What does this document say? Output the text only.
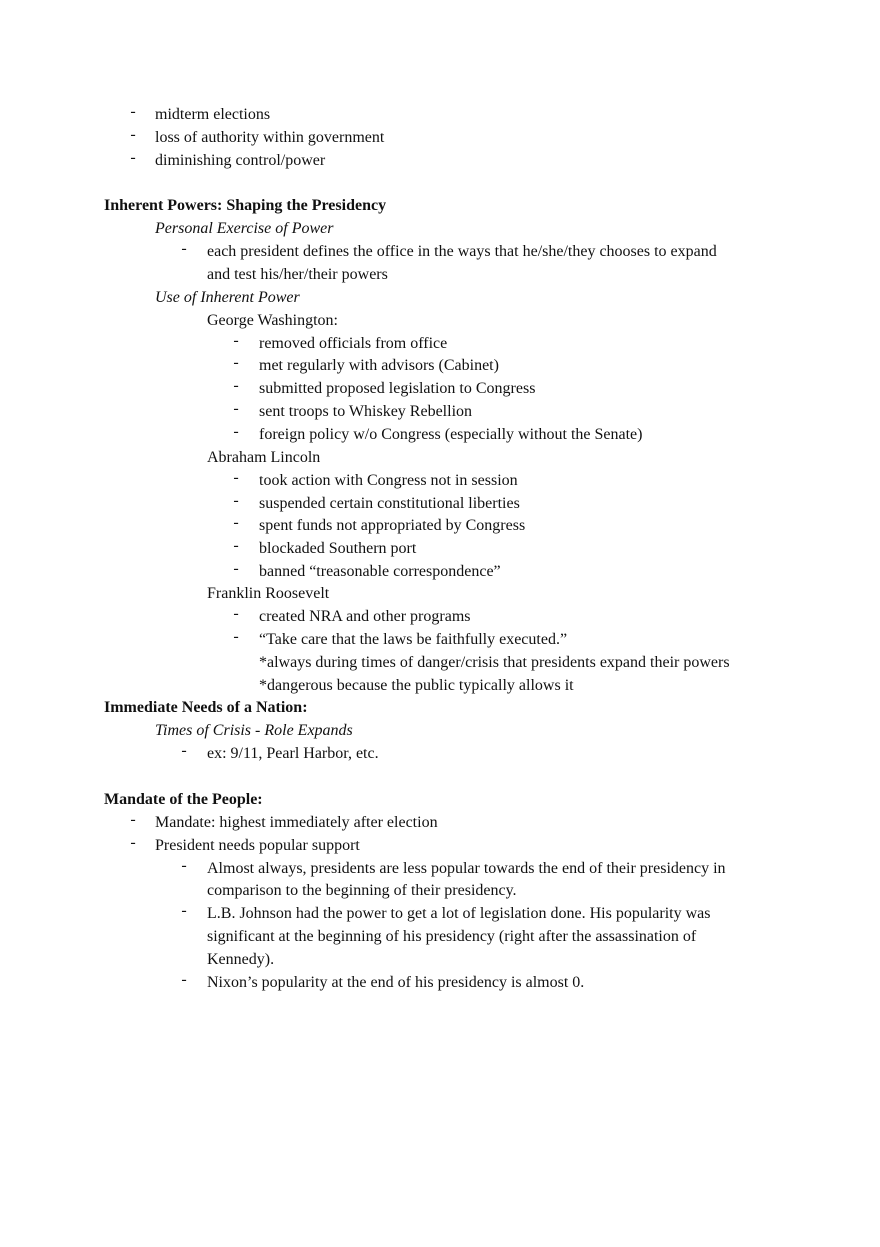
- midterm elections
- loss of authority within government
- diminishing control/power
Inherent Powers: Shaping the Presidency
Personal Exercise of Power
- each president defines the office in the ways that he/she/they chooses to expand
and test his/her/their powers
Use of Inherent Power
George Washington:
- removed officials from office
- met regularly with advisors (Cabinet)
- submitted proposed legislation to Congress
- sent troops to Whiskey Rebellion
- foreign policy w/o Congress (especially without the Senate)
Abraham Lincoln
- took action with Congress not in session
- suspended certain constitutional liberties
- spent funds not appropriated by Congress
- blockaded Southern port
- banned “treasonable correspondence”
Franklin Roosevelt
- created NRA and other programs
- “Take care that the laws be faithfully executed.”
*always during times of danger/crisis that presidents expand their powers
*dangerous because the public typically allows it
Immediate Needs of a Nation:
Times of Crisis - Role Expands
- ex: 9/11, Pearl Harbor, etc.
Mandate of the People:
- Mandate: highest immediately after election
- President needs popular support
- Almost always, presidents are less popular towards the end of their presidency in
comparison to the beginning of their presidency.
- L.B. Johnson had the power to get a lot of legislation done. His popularity was
significant at the beginning of his presidency (right after the assassination of
Kennedy).
- Nixon’s popularity at the end of his presidency is almost 0.
